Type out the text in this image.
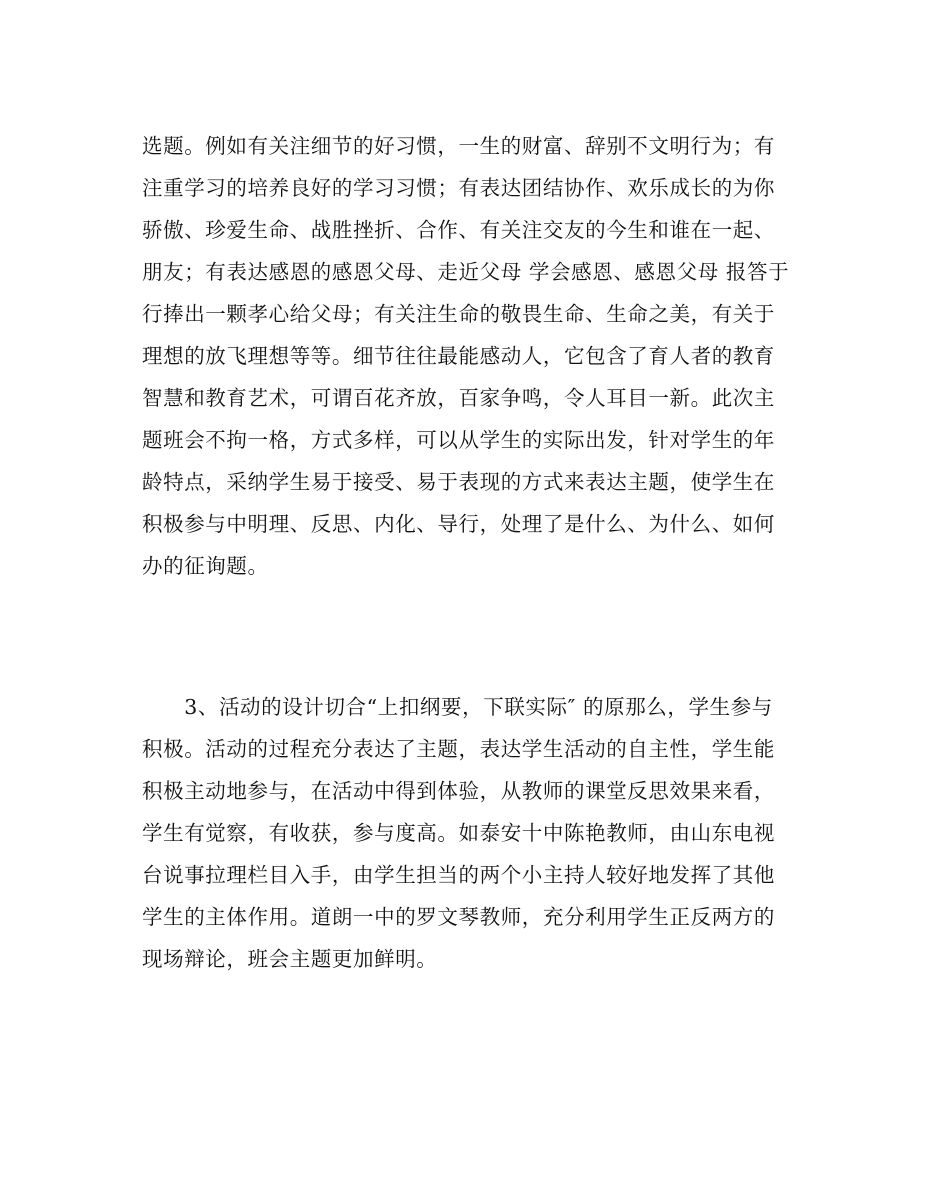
选题。例如有关注细节的好习惯，一生的财富、辞别不文明行为；有
注重学习的培养良好的学习习惯；有表达团结协作、欢乐成长的为你
骄傲、珍爱生命、战胜挫折、合作、有关注交友的今生和谁在一起、
朋友；有表达感恩的感恩父母、走近父母 学会感恩、感恩父母 报答于
行捧出一颗孝心给父母；有关注生命的敬畏生命、生命之美，有关于
理想的放飞理想等等。细节往往最能感动人，它包含了育人者的教育
智慧和教育艺术，可谓百花齐放，百家争鸣，令人耳目一新。此次主
题班会不拘一格，方式多样，可以从学生的实际出发，针对学生的年
龄特点，采纳学生易于接受、易于表现的方式来表达主题，使学生在
积极参与中明理、反思、内化、导行，处理了是什么、为什么、如何
办的征询题。
　　3、活动的设计切合“上扣纲要，下联实际″ 的原那么，学生参与
积极。活动的过程充分表达了主题，表达学生活动的自主性，学生能
积极主动地参与，在活动中得到体验，从教师的课堂反思效果来看，
学生有觉察，有收获，参与度高。如泰安十中陈艳教师，由山东电视
台说事拉理栏目入手，由学生担当的两个小主持人较好地发挥了其他
学生的主体作用。道朗一中的罗文琴教师，充分利用学生正反两方的
现场辩论，班会主题更加鲜明。
